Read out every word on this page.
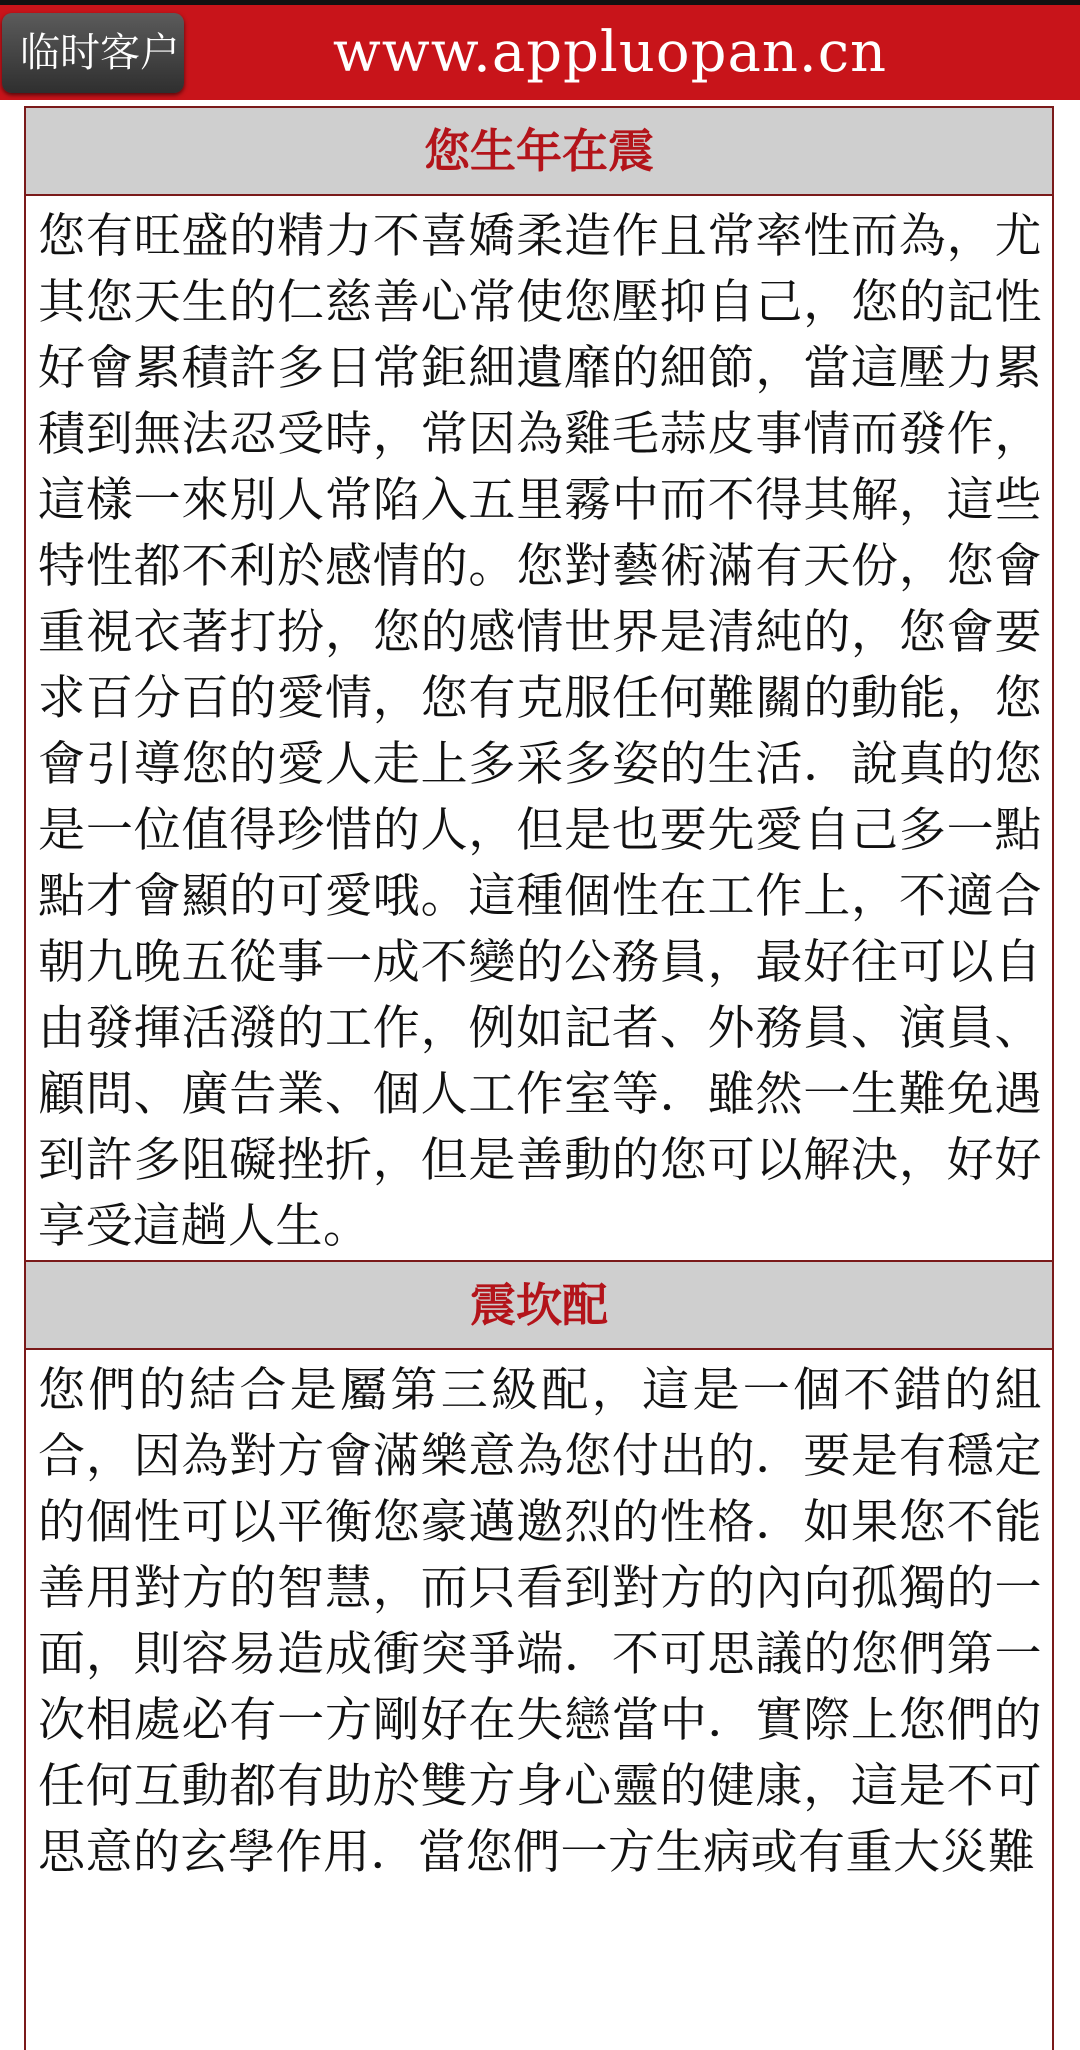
临时客户	www.appluopan.cn
您生年在震
您有旺盛的精力不喜嬌柔造作且常率性而為，尤其您天生的仁慈善心常使您壓抑自己，您的記性好會累積許多日常鉅細遺靡的細節，當這壓力累積到無法忍受時，常因為雞毛蒜皮事情而發作，這樣一來別人常陷入五里霧中而不得其解，這些特性都不利於感情的。您對藝術滿有天份，您會重視衣著打扮，您的感情世界是清純的，您會要求百分百的愛情，您有克服任何難關的動能，您會引導您的愛人走上多采多姿的生活．說真的您是一位值得珍惜的人，但是也要先愛自己多一點點才會顯的可愛哦。這種個性在工作上，不適合朝九晚五從事一成不變的公務員，最好往可以自由發揮活潑的工作，例如記者、外務員、演員、顧問、廣告業、個人工作室等．雖然一生難免遇到許多阻礙挫折，但是善動的您可以解決，好好享受這趟人生。
震坎配
您們的結合是屬第三級配，這是一個不錯的組合，因為對方會滿樂意為您付出的．要是有穩定的個性可以平衡您豪邁邀烈的性格．如果您不能善用對方的智慧，而只看到對方的內向孤獨的一面，則容易造成衝突爭端．不可思議的您們第一次相處必有一方剛好在失戀當中．實際上您們的任何互動都有助於雙方身心靈的健康，這是不可思意的玄學作用．當您們一方生病或有重大災難
